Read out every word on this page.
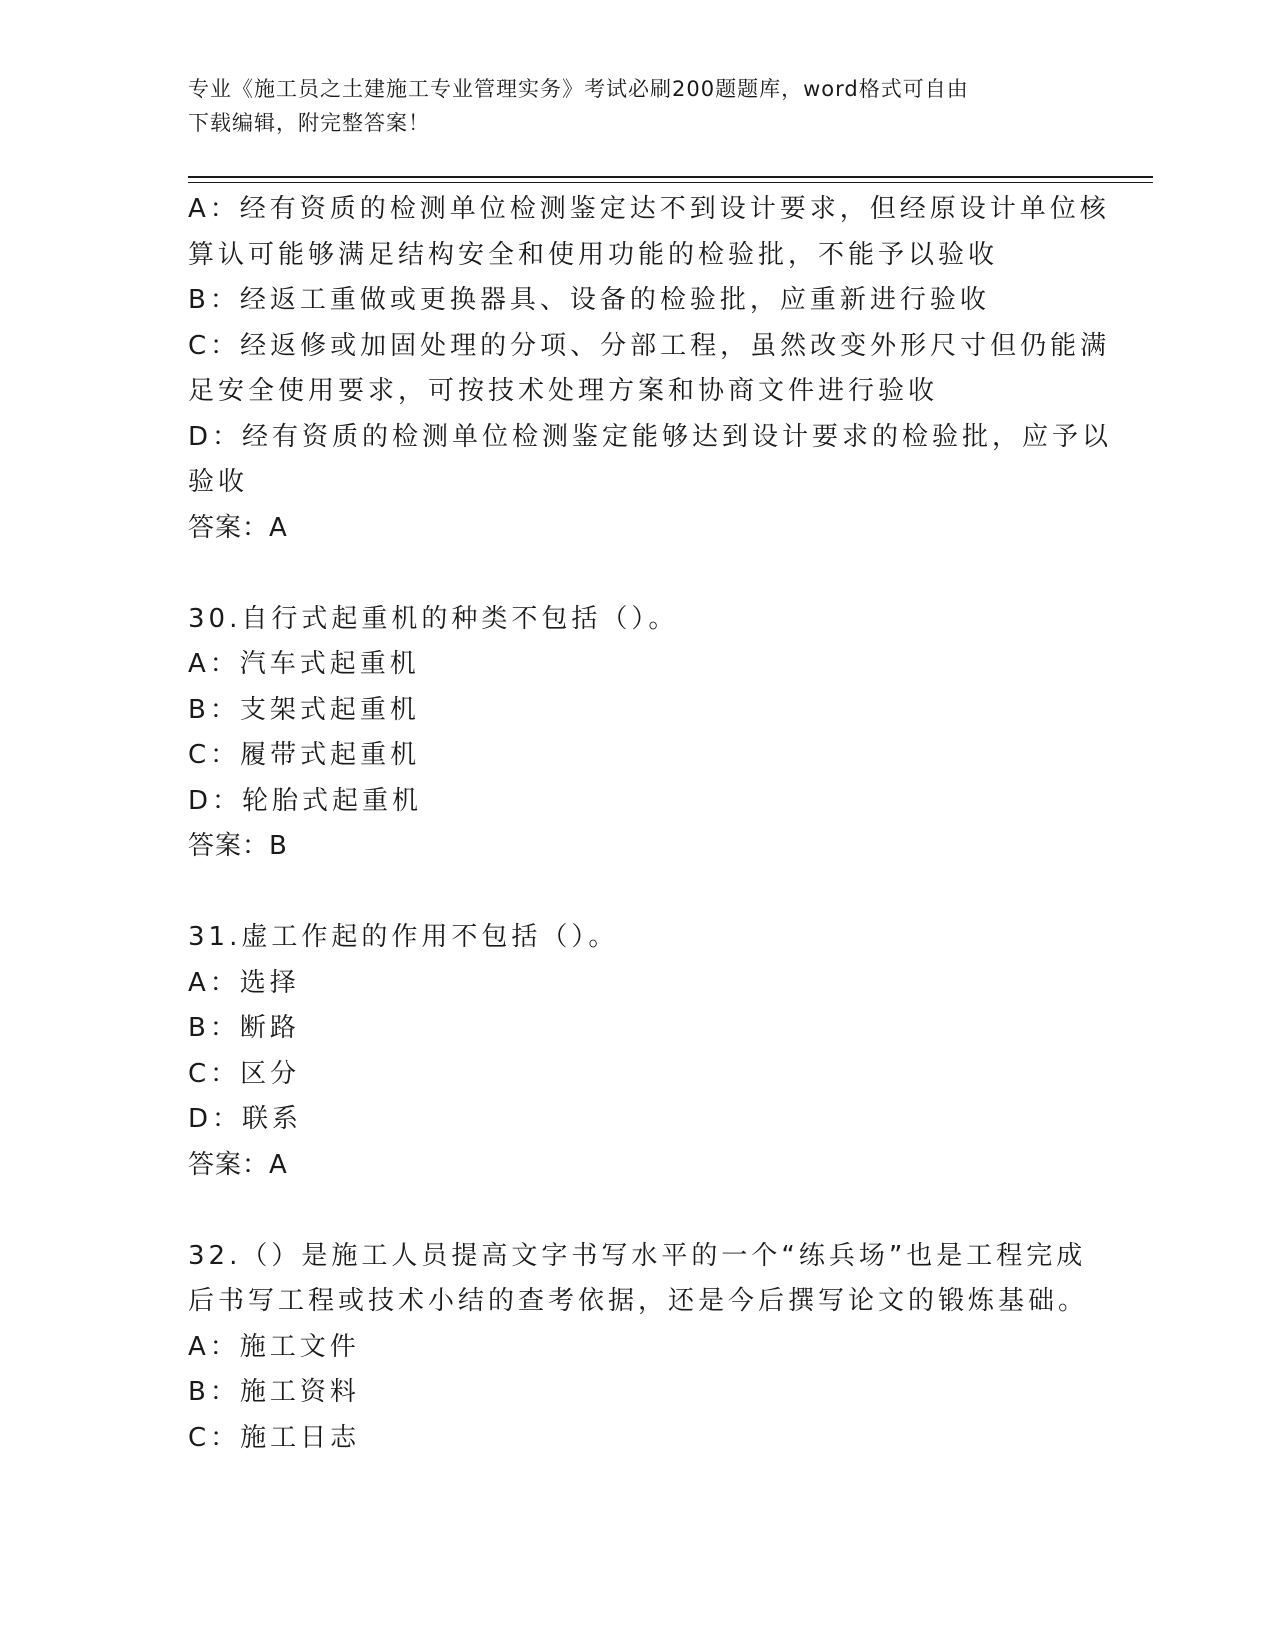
专业《施工员之土建施工专业管理实务》考试必刷200题题库，word格式可自由
下载编辑，附完整答案！
A：经有资质的检测单位检测鉴定达不到设计要求，但经原设计单位核
算认可能够满足结构安全和使用功能的检验批，不能予以验收
B：经返工重做或更换器具、设备的检验批，应重新进行验收
C：经返修或加固处理的分项、分部工程，虽然改变外形尺寸但仍能满
足安全使用要求，可按技术处理方案和协商文件进行验收
D：经有资质的检测单位检测鉴定能够达到设计要求的检验批，应予以
验收
答案：A
30.自行式起重机的种类不包括（）。
A：汽车式起重机
B：支架式起重机
C：履带式起重机
D：轮胎式起重机
答案：B
31.虚工作起的作用不包括（）。
A：选择
B：断路
C：区分
D：联系
答案：A
32.（）是施工人员提高文字书写水平的一个“练兵场”也是工程完成
后书写工程或技术小结的查考依据，还是今后撰写论文的锻炼基础。
A：施工文件
B：施工资料
C：施工日志
